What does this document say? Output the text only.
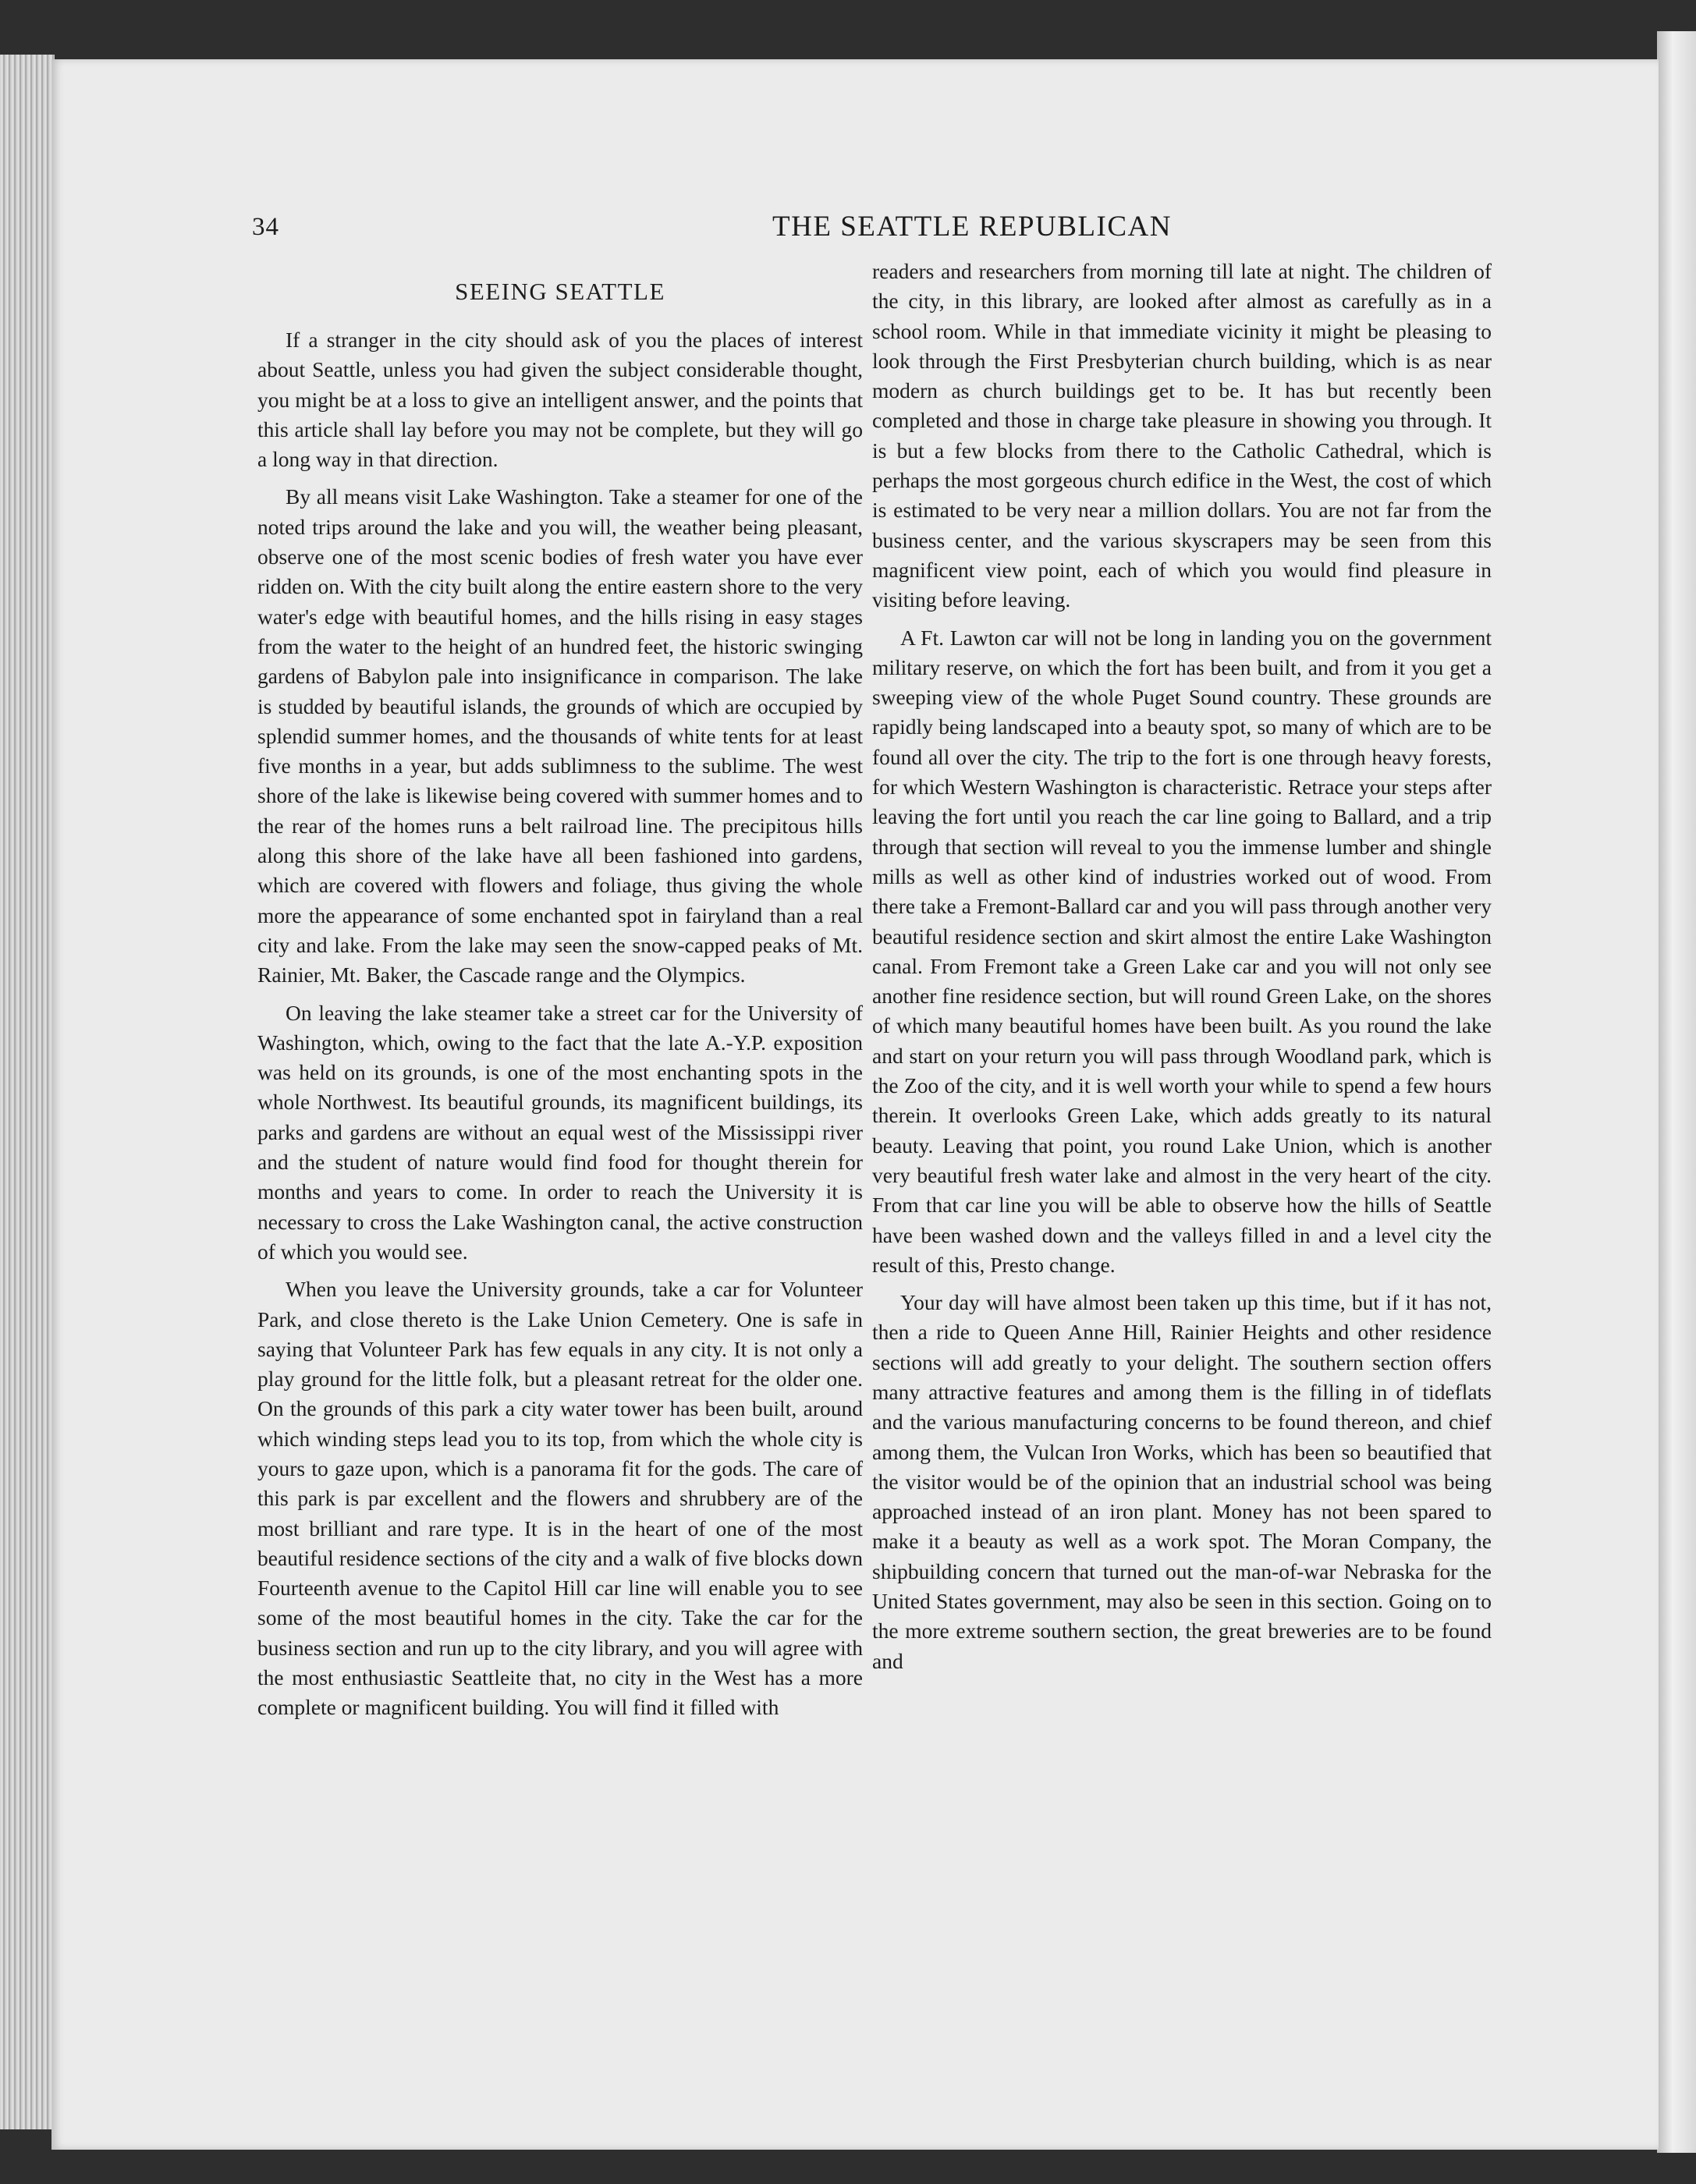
34	THE SEATTLE REPUBLICAN
SEEING SEATTLE

If a stranger in the city should ask of you the places of interest about Seattle, unless you had given the subject considerable thought, you might be at a loss to give an intelligent answer, and the points that this article shall lay before you may not be complete, but they will go a long way in that direction.

By all means visit Lake Washington. Take a steamer for one of the noted trips around the lake and you will, the weather being pleasant, observe one of the most scenic bodies of fresh water you have ever ridden on. With the city built along the entire eastern shore to the very water's edge with beautiful homes, and the hills rising in easy stages from the water to the height of an hundred feet, the historic swinging gardens of Babylon pale into insignificance in comparison. The lake is studded by beautiful islands, the grounds of which are occupied by splendid summer homes, and the thousands of white tents for at least five months in a year, but adds sublimness to the sublime. The west shore of the lake is likewise being covered with summer homes and to the rear of the homes runs a belt railroad line. The precipitous hills along this shore of the lake have all been fashioned into gardens, which are covered with flowers and foliage, thus giving the whole more the appearance of some enchanted spot in fairyland than a real city and lake. From the lake may seen the snow-capped peaks of Mt. Rainier, Mt. Baker, the Cascade range and the Olympics.

On leaving the lake steamer take a street car for the University of Washington, which, owing to the fact that the late A.-Y.P. exposition was held on its grounds, is one of the most enchanting spots in the whole Northwest. Its beautiful grounds, its magnificent buildings, its parks and gardens are without an equal west of the Mississippi river and the student of nature would find food for thought therein for months and years to come. In order to reach the University it is necessary to cross the Lake Washington canal, the active construction of which you would see.

When you leave the University grounds, take a car for Volunteer Park, and close thereto is the Lake Union Cemetery. One is safe in saying that Volunteer Park has few equals in any city. It is not only a play ground for the little folk, but a pleasant retreat for the older one. On the grounds of this park a city water tower has been built, around which winding steps lead you to its top, from which the whole city is yours to gaze upon, which is a panorama fit for the gods. The care of this park is par excellent and the flowers and shrubbery are of the most brilliant and rare type. It is in the heart of one of the most beautiful residence sections of the city and a walk of five blocks down Fourteenth avenue to the Capitol Hill car line will enable you to see some of the most beautiful homes in the city. Take the car for the business section and run up to the city library, and you will agree with the most enthusiastic Seattleite that, no city in the West has a more complete or magnificent building. You will find it filled with

readers and researchers from morning till late at night. The children of the city, in this library, are looked after almost as carefully as in a school room. While in that immediate vicinity it might be pleasing to look through the First Presbyterian church building, which is as near modern as church buildings get to be. It has but recently been completed and those in charge take pleasure in showing you through. It is but a few blocks from there to the Catholic Cathedral, which is perhaps the most gorgeous church edifice in the West, the cost of which is estimated to be very near a million dollars. You are not far from the business center, and the various skyscrapers may be seen from this magnificent view point, each of which you would find pleasure in visiting before leaving.

A Ft. Lawton car will not be long in landing you on the government military reserve, on which the fort has been built, and from it you get a sweeping view of the whole Puget Sound country. These grounds are rapidly being landscaped into a beauty spot, so many of which are to be found all over the city. The trip to the fort is one through heavy forests, for which Western Washington is characteristic. Retrace your steps after leaving the fort until you reach the car line going to Ballard, and a trip through that section will reveal to you the immense lumber and shingle mills as well as other kind of industries worked out of wood. From there take a Fremont-Ballard car and you will pass through another very beautiful residence section and skirt almost the entire Lake Washington canal. From Fremont take a Green Lake car and you will not only see another fine residence section, but will round Green Lake, on the shores of which many beautiful homes have been built. As you round the lake and start on your return you will pass through Woodland park, which is the Zoo of the city, and it is well worth your while to spend a few hours therein. It overlooks Green Lake, which adds greatly to its natural beauty. Leaving that point, you round Lake Union, which is another very beautiful fresh water lake and almost in the very heart of the city. From that car line you will be able to observe how the hills of Seattle have been washed down and the valleys filled in and a level city the result of this, Presto change.

Your day will have almost been taken up this time, but if it has not, then a ride to Queen Anne Hill, Rainier Heights and other residence sections will add greatly to your delight. The southern section offers many attractive features and among them is the filling in of tideflats and the various manufacturing concerns to be found thereon, and chief among them, the Vulcan Iron Works, which has been so beautified that the visitor would be of the opinion that an industrial school was being approached instead of an iron plant. Money has not been spared to make it a beauty as well as a work spot. The Moran Company, the shipbuilding concern that turned out the man-of-war Nebraska for the United States government, may also be seen in this section. Going on to the more extreme southern section, the great breweries are to be found and
